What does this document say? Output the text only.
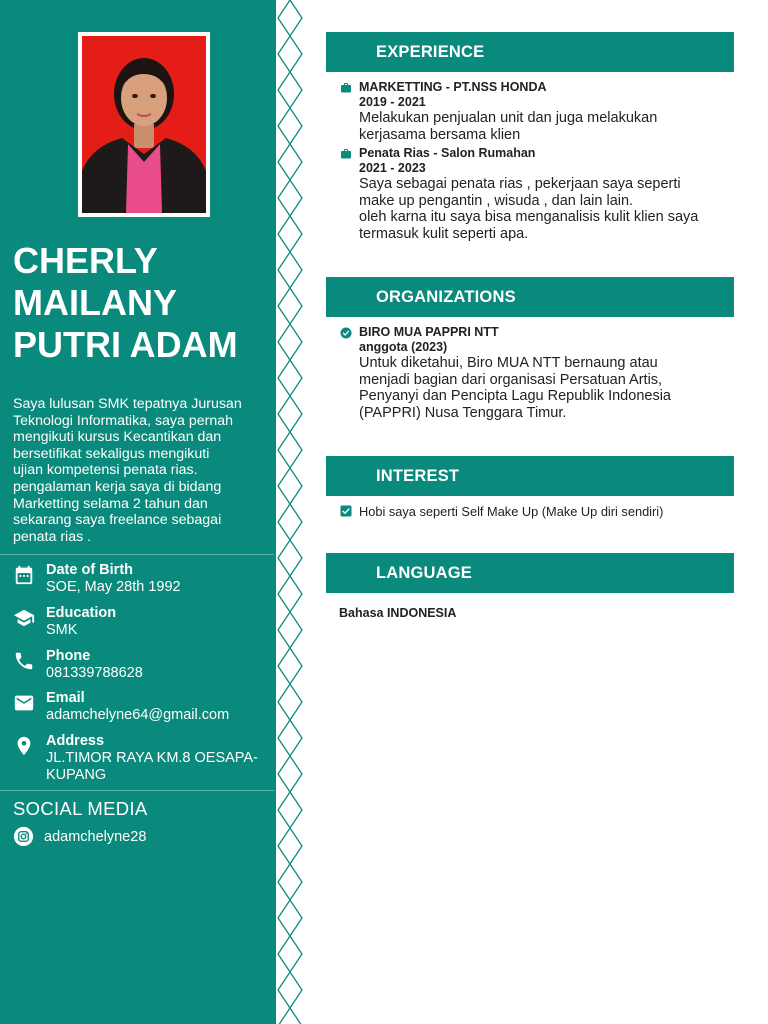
CHERLY
MAILANY
PUTRI ADAM
Saya lulusan SMK tepatnya Jurusan
Teknologi Informatika, saya pernah
mengikuti kursus Kecantikan dan
bersetifikat sekaligus mengikuti
ujian kompetensi penata rias.
pengalaman kerja saya di bidang
Marketting selama 2 tahun dan
sekarang saya freelance sebagai
penata rias .
Date of Birth
SOE, May 28th 1992
Education
SMK
Phone
081339788628
Email
adamchelyne64@gmail.com
Address
JL.TIMOR RAYA KM.8 OESAPA-
KUPANG
SOCIAL MEDIA
adamchelyne28
EXPERIENCE
MARKETTING - PT.NSS HONDA
2019 - 2021
Melakukan penjualan unit dan juga melakukan
kerjasama bersama klien
Penata Rias - Salon Rumahan
2021 - 2023
Saya sebagai penata rias , pekerjaan saya seperti
make up pengantin , wisuda , dan lain lain.
oleh karna itu saya bisa menganalisis kulit klien saya
termasuk kulit seperti apa.
ORGANIZATIONS
BIRO MUA PAPPRI NTT
anggota (2023)
Untuk diketahui, Biro MUA NTT bernaung atau
menjadi bagian dari organisasi Persatuan Artis,
Penyanyi dan Pencipta Lagu Republik Indonesia
(PAPPRI) Nusa Tenggara Timur.
INTEREST
Hobi saya seperti Self Make Up (Make Up diri sendiri)
LANGUAGE
Bahasa INDONESIA
